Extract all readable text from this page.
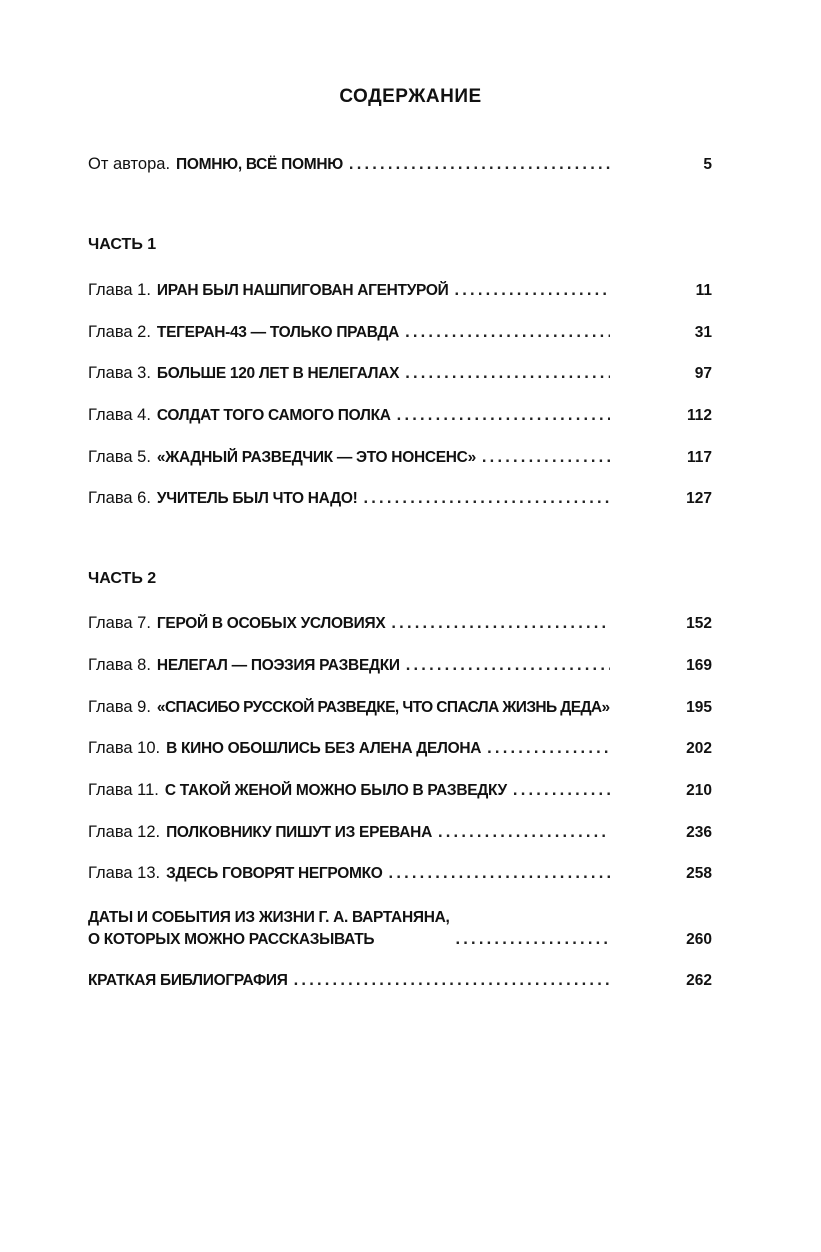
СОДЕРЖАНИЕ
От автора. ПОМНЮ, ВСЁ ПОМНЮ .....	5
ЧАСТЬ 1
Глава 1. ИРАН БЫЛ НАШПИГОВАН АГЕНТУРОЙ .....	11
Глава 2. ТЕГЕРАН-43 — ТОЛЬКО ПРАВДА .....	31
Глава 3. БОЛЬШЕ 120 ЛЕТ В НЕЛЕГАЛАХ .....	97
Глава 4. СОЛДАТ ТОГО САМОГО ПОЛКА .....	112
Глава 5. «ЖАДНЫЙ РАЗВЕДЧИК — ЭТО НОНСЕНС» .....	117
Глава 6. УЧИТЕЛЬ БЫЛ ЧТО НАДО! .....	127
ЧАСТЬ 2
Глава 7. ГЕРОЙ В ОСОБЫХ УСЛОВИЯХ .....	152
Глава 8. НЕЛЕГАЛ — ПОЭЗИЯ РАЗВЕДКИ .....	169
Глава 9. «СПАСИБО РУССКОЙ РАЗВЕДКЕ, ЧТО СПАСЛА ЖИЗНЬ ДЕДА»	195
Глава 10. В КИНО ОБОШЛИСЬ БЕЗ АЛЕНА ДЕЛОНА .....	202
Глава 11. С ТАКОЙ ЖЕНОЙ МОЖНО БЫЛО В РАЗВЕДКУ .....	210
Глава 12. ПОЛКОВНИКУ ПИШУТ ИЗ ЕРЕВАНА .....	236
Глава 13. ЗДЕСЬ ГОВОРЯТ НЕГРОМКО .....	258
ДАТЫ И СОБЫТИЯ ИЗ ЖИЗНИ Г. А. ВАРТАНЯНА,
О КОТОРЫХ МОЖНО РАССКАЗЫВАТЬ .....	260
КРАТКАЯ БИБЛИОГРАФИЯ .....	262
